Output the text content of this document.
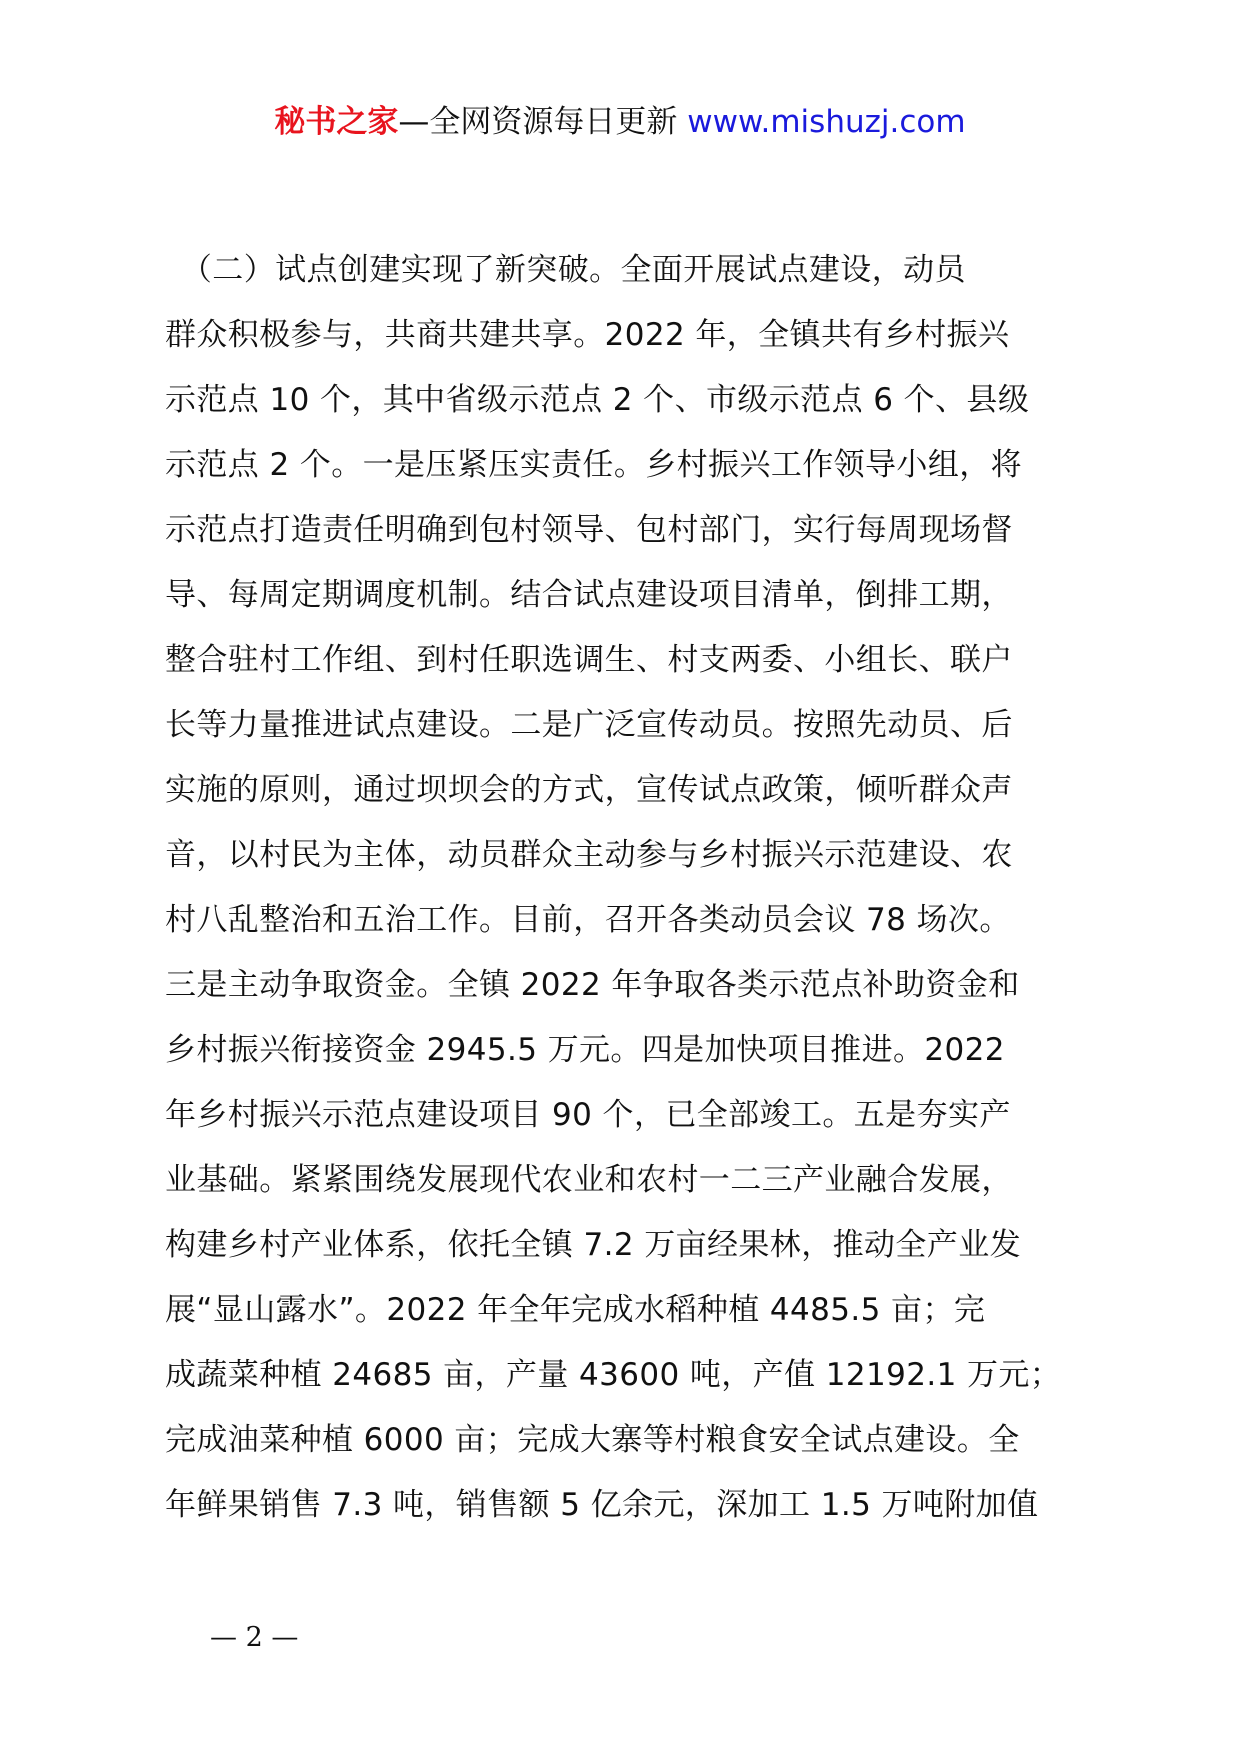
秘书之家—全网资源每日更新 www.mishuzj.com
　（二）试点创建实现了新突破。全面开展试点建设，动员
群众积极参与，共商共建共享。2022 年，全镇共有乡村振兴
示范点 10 个，其中省级示范点 2 个、市级示范点 6 个、县级
示范点 2 个。一是压紧压实责任。乡村振兴工作领导小组，将
示范点打造责任明确到包村领导、包村部门，实行每周现场督
导、每周定期调度机制。结合试点建设项目清单，倒排工期，
整合驻村工作组、到村任职选调生、村支两委、小组长、联户
长等力量推进试点建设。二是广泛宣传动员。按照先动员、后
实施的原则，通过坝坝会的方式，宣传试点政策，倾听群众声
音，以村民为主体，动员群众主动参与乡村振兴示范建设、农
村八乱整治和五治工作。目前，召开各类动员会议 78 场次。
三是主动争取资金。全镇 2022 年争取各类示范点补助资金和
乡村振兴衔接资金 2945.5 万元。四是加快项目推进。2022
年乡村振兴示范点建设项目 90 个，已全部竣工。五是夯实产
业基础。紧紧围绕发展现代农业和农村一二三产业融合发展，
构建乡村产业体系，依托全镇 7.2 万亩经果林，推动全产业发
展“显山露水”。2022 年全年完成水稻种植 4485.5 亩；完
成蔬菜种植 24685 亩，产量 43600 吨，产值 12192.1 万元；
完成油菜种植 6000 亩；完成大寨等村粮食安全试点建设。全
年鲜果销售 7.3 吨，销售额 5 亿余元，深加工 1.5 万吨附加值
— 2 —
